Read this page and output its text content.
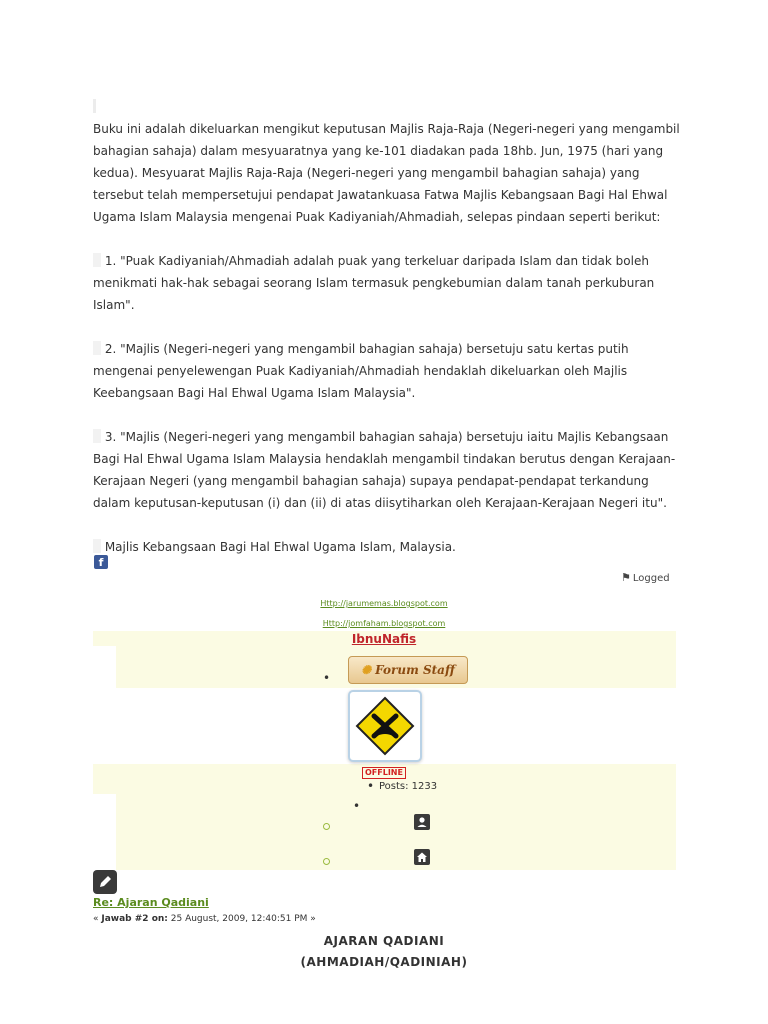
Buku ini adalah dikeluarkan mengikut keputusan Majlis Raja-Raja (Negeri-negeri yang mengambil bahagian sahaja) dalam mesyuaratnya yang ke-101 diadakan pada 18hb. Jun, 1975 (hari yang kedua). Mesyuarat Majlis Raja-Raja (Negeri-negeri yang mengambil bahagian sahaja) yang tersebut telah mempersetujui pendapat Jawatankuasa Fatwa Majlis Kebangsaan Bagi Hal Ehwal Ugama Islam Malaysia mengenai Puak Kadiyaniah/Ahmadiah, selepas pindaan seperti berikut:

1. "Puak Kadiyaniah/Ahmadiah adalah puak yang terkeluar daripada Islam dan tidak boleh menikmati hak-hak sebagai seorang Islam termasuk pengkebumian dalam tanah perkuburan Islam".

2. "Majlis (Negeri-negeri yang mengambil bahagian sahaja) bersetuju satu kertas putih mengenai penyelewengan Puak Kadiyaniah/Ahmadiah hendaklah dikeluarkan oleh Majlis Keebangsaan Bagi Hal Ehwal Ugama Islam Malaysia".

3. "Majlis (Negeri-negeri yang mengambil bahagian sahaja) bersetuju iaitu Majlis Kebangsaan Bagi Hal Ehwal Ugama Islam Malaysia hendaklah mengambil tindakan berutus dengan Kerajaan-Kerajaan Negeri (yang mengambil bahagian sahaja) supaya pendapat-pendapat terkandung dalam keputusan-keputusan (i) dan (ii) di atas diisytiharkan oleh Kerajaan-Kerajaan Negeri itu".

Majlis Kebangsaan Bagi Hal Ehwal Ugama Islam, Malaysia.

f
⚑ Logged
Http://jarumemas.blogspot.com
Http://jomfaham.blogspot.com
IbnuNafis
•
✺ Forum Staff
OFFLINE
• Posts: 1233
•
Re: Ajaran Qadiani
« Jawab #2 on: 25 August, 2009, 12:40:51 PM »
AJARAN QADIANI
(AHMADIAH/QADINIAH)
